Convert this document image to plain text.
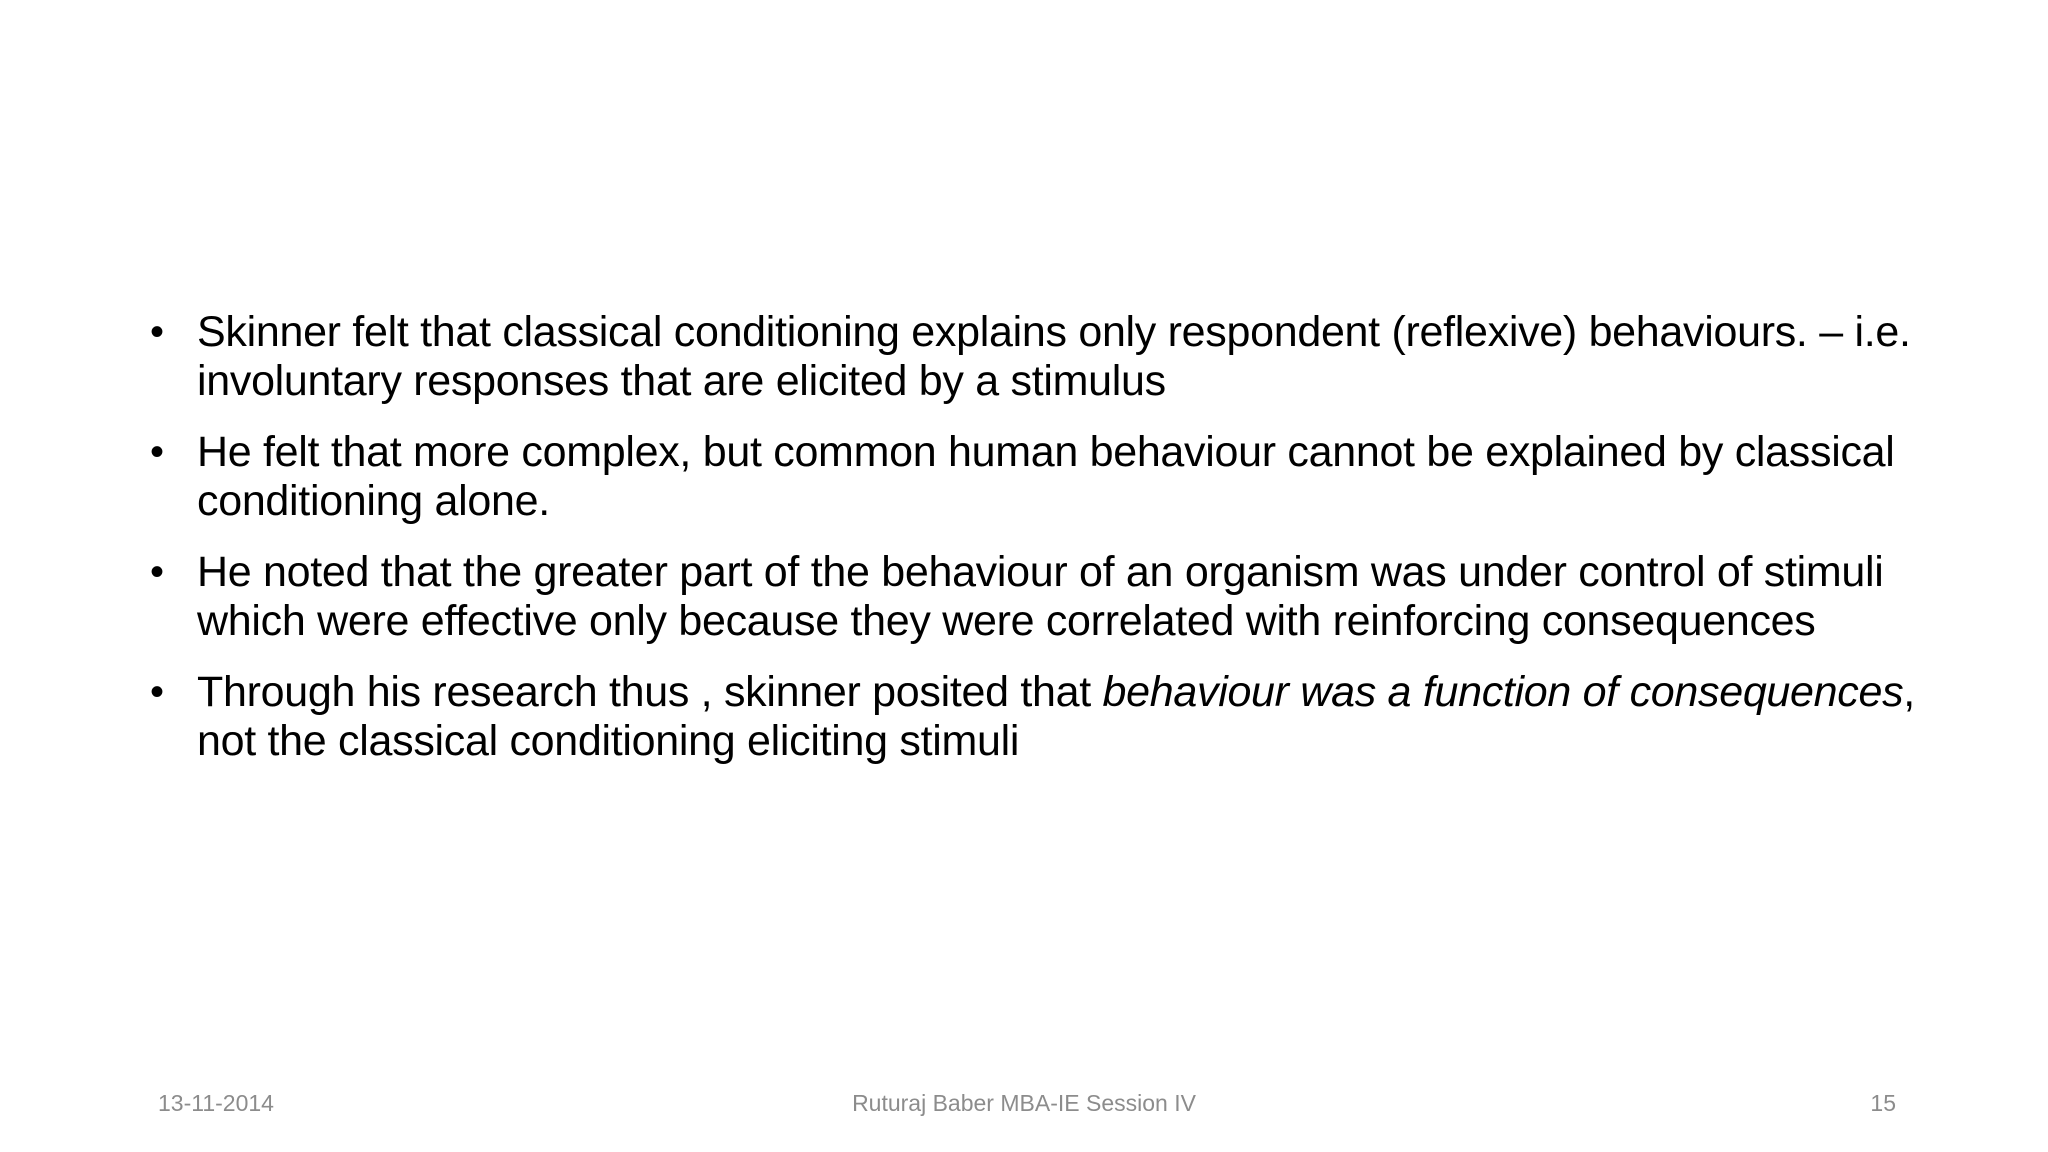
• Skinner felt that classical conditioning explains only respondent (reflexive) behaviours. – i.e. involuntary responses that are elicited by a stimulus
• He felt that more complex, but common human behaviour cannot be explained by classical conditioning alone.
• He noted that the greater part of the behaviour of an organism was under control of stimuli which were effective only because they were correlated with reinforcing consequences
• Through his research thus , skinner posited that behaviour was a function of consequences, not the classical conditioning eliciting stimuli
13-11-2014	Ruturaj Baber MBA-IE Session IV	15
